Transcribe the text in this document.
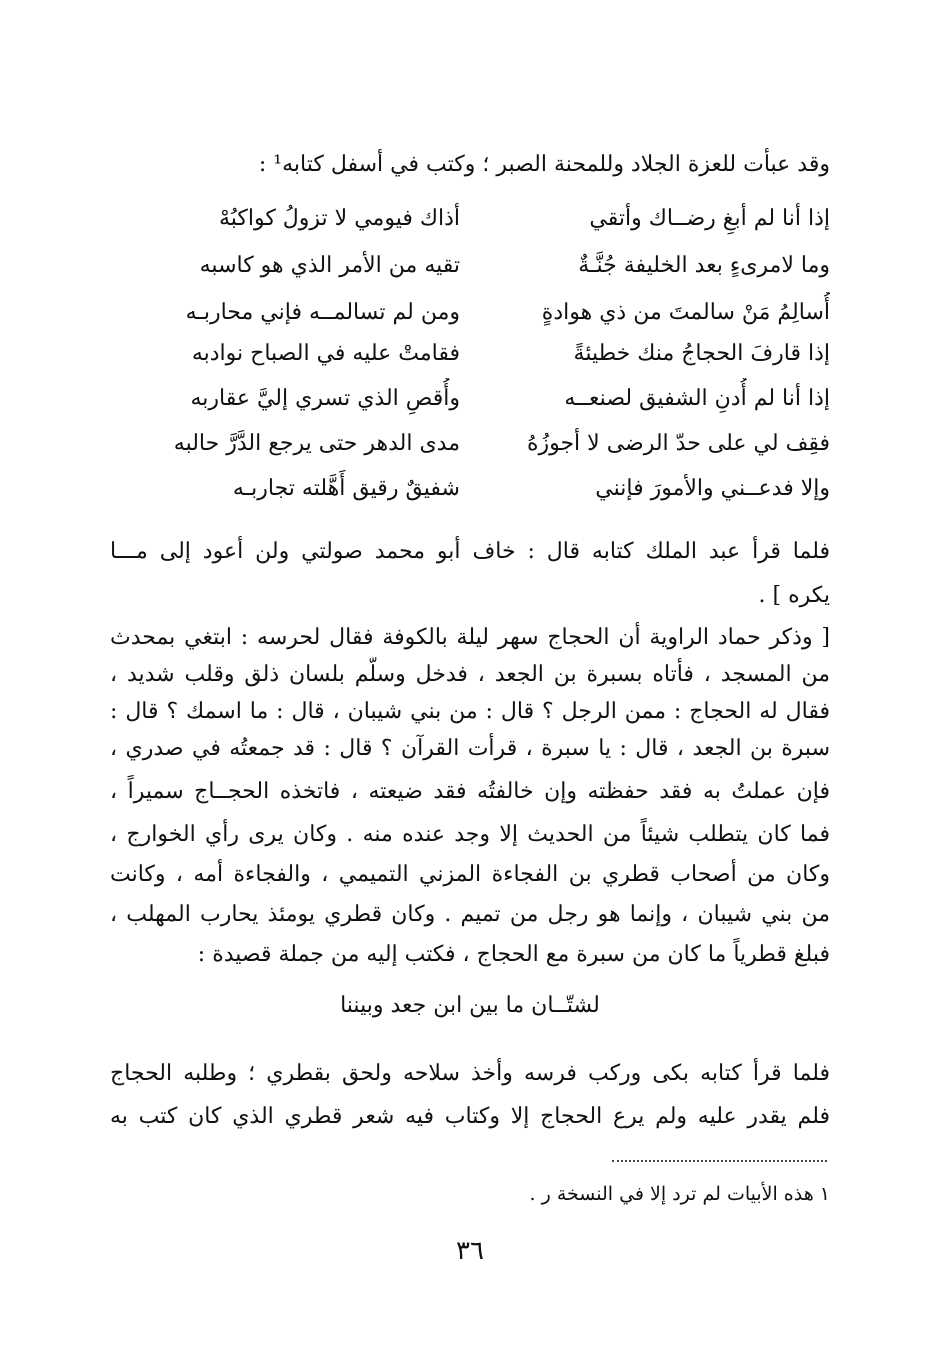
وقد عبأت للعزة الجلاد وللمحنة الصبر ؛ وكتب في أسفل كتابه¹ :
إذا أنا لم أبغِ رضــاك وأتقي
أذاك فيومي لا تزولُ كواكبُهْ
وما لامرىءٍ بعد الخليفة جُنَّـةٌ
تقيه من الأمر الذي هو كاسبه
أُسالِمُ مَنْ سالمتَ من ذي هوادةٍ
ومن لم تسالمــه فإني محاربـه
إذا قارفَ الحجاجُ منك خطيئةً
فقامتْ عليه في الصباح نوادبه
إذا أنا لم أُدنِ الشفيق لصنعــه
وأُقصِ الذي تسري إليَّ عقاربه
فقِف لي على حدّ الرضى لا أجوزُهُ
مدى الدهر حتى يرجع الدَّرَّ حالبه
وإلا فدعــني والأمورَ فإنني
شفيقٌ رقيق أَهَّلته تجاربـه
فلما قرأ عبد الملك كتابه قال : خاف أبو محمد صولتي ولن أعود إلى مـــا
يكره ] .
[ وذكر حماد الراوية أن الحجاج سهر ليلة بالكوفة فقال لحرسه : ابتغي بمحدث
من المسجد ، فأتاه بسبرة بن الجعد ، فدخل وسلَّم بلسان ذلق وقلب شديد ،
فقال له الحجاج : ممن الرجل ؟ قال : من بني شيبان ، قال : ما اسمك ؟ قال :
سبرة بن الجعد ، قال : يا سبرة ، قرأت القرآن ؟ قال : قد جمعتُه في صدري ،
فإن عملتُ به فقد حفظته وإن خالفتُه فقد ضيعته ، فاتخذه الحجــاج سميراً ،
فما كان يتطلب شيئاً من الحديث إلا وجد عنده منه . وكان يرى رأي الخوارج ،
وكان من أصحاب قطري بن الفجاءة المزني التميمي ، والفجاءة أمه ، وكانت
من بني شيبان ، وإنما هو رجل من تميم . وكان قطري يومئذ يحارب المهلب ،
فبلغ قطرياً ما كان من سبرة مع الحجاج ، فكتب إليه من جملة قصيدة :
لشتّــان ما بين ابن جعد وبيننا
فلما قرأ كتابه بكى وركب فرسه وأخذ سلاحه ولحق بقطري ؛ وطلبه الحجاج
فلم يقدر عليه ولم يرع الحجاج إلا وكتاب فيه شعر قطري الذي كان كتب به
١ هذه الأبيات لم ترد إلا في النسخة ر .
٣٦
